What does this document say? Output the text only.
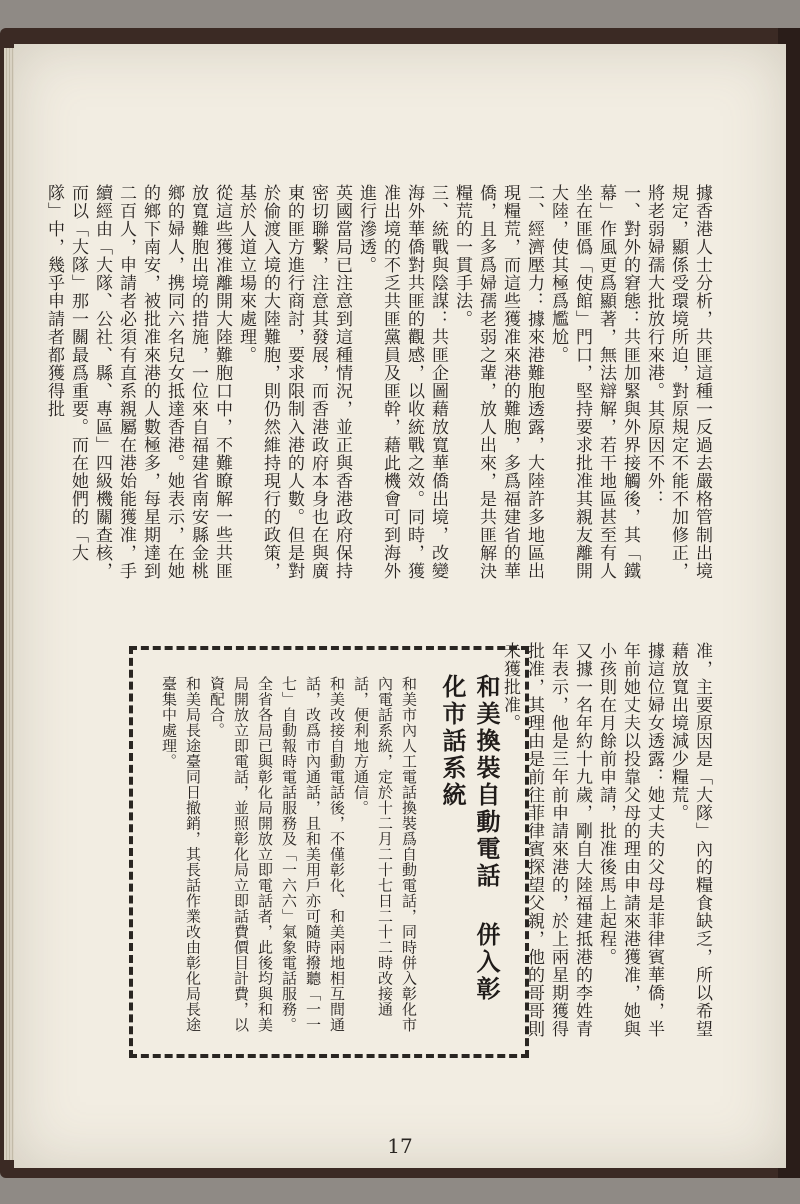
據香港人士分析，共匪這種一反過去嚴格管制出境規定，顯係受環境所迫，對原規定不能不加修正，將老弱婦孺大批放行來港。其原因不外：
一、對外的窘態：共匪加緊與外界接觸後，其「鐵幕」作風更爲顯著，無法辯解，若干地區甚至有人坐在匪僞「使館」門口，堅持要求批准其親友離開大陸，使其極爲尷尬。
二、經濟壓力：據來港難胞透露，大陸許多地區出現糧荒，而這些獲准來港的難胞，多爲福建省的華僑，且多爲婦孺老弱之輩，放人出來，是共匪解決糧荒的一貫手法。
三、統戰與陰謀：共匪企圖藉放寬華僑出境，改變海外華僑對共匪的觀感，以收統戰之效。同時，獲准出境的不乏共匪黨員及匪幹，藉此機會可到海外進行滲透。
英國當局已注意到這種情況，並正與香港政府保持密切聯繫，注意其發展，而香港政府本身也在與廣東的匪方進行商討，要求限制入港的人數。但是對於偷渡入境的大陸難胞，則仍然維持現行的政策，基於人道立場來處理。
從這些獲准離開大陸難胞口中，不難瞭解一些共匪放寬難胞出境的措施，一位來自福建省南安縣金桃鄉的婦人，携同六名兒女抵達香港。她表示，在她的鄉下南安，被批准來港的人數極多，每星期達到二百人，申請者必須有直系親屬在港始能獲准，手續經由「大隊、公社、縣、專區」四級機關查核，而以「大隊」那一關最爲重要。而在她們的「大隊」中，幾乎申請者都獲得批
准，主要原因是「大隊」內的糧食缺乏，所以希望藉放寬出境減少糧荒。
據這位婦女透露：她丈夫的父母是菲律賓華僑，半年前她丈夫以投靠父母的理由申請來港獲准，她與小孩則在月餘前申請，批准後馬上起程。
又據一名年約十九歲，剛自大陸福建抵港的李姓青年表示，他是三年前申請來港的，於上兩星期獲得批准，其理由是前往菲律賓探望父親，他的哥哥則未獲批准。
和美換裝自動電話 併入彰化市話系統
和美市內人工電話換裝爲自動電話，同時併入彰化市內電話系統，定於十二月二十七日二十二時改接通話，便利地方通信。
和美改接自動電話後，不僅彰化、和美兩地相互間通話，改爲市內通話，且和美用戶亦可隨時撥聽「一一七」自動報時電話服務及「一六六」氣象電話服務。
全省各局已與彰化局開放立即電話者，此後均與和美局開放立即電話，並照彰化局立即話費價目計費，以資配合。
和美局長途臺同日撤銷，其長話作業改由彰化局長途臺集中處理。
17
